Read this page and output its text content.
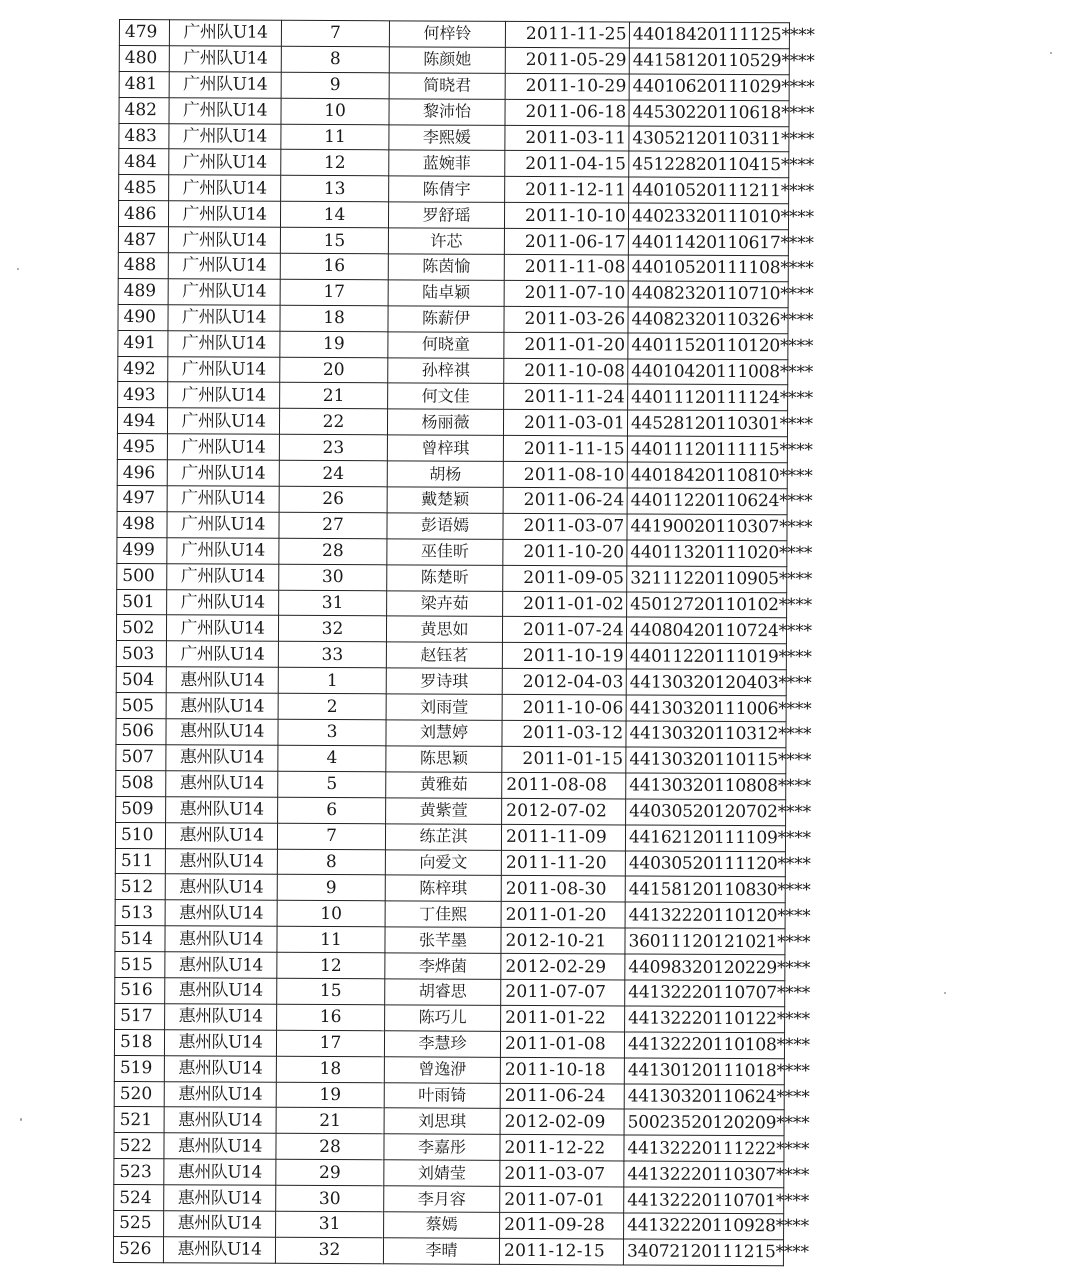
479	广州队U14	7	何梓铃	2011-11-25	44018420111125****
480	广州队U14	8	陈颜她	2011-05-29	44158120110529****
481	广州队U14	9	简晓君	2011-10-29	44010620111029****
482	广州队U14	10	黎沛怡	2011-06-18	44530220110618****
483	广州队U14	11	李熙媛	2011-03-11	43052120110311****
484	广州队U14	12	蓝婉菲	2011-04-15	45122820110415****
485	广州队U14	13	陈倩宇	2011-12-11	44010520111211****
486	广州队U14	14	罗舒瑶	2011-10-10	44023320111010****
487	广州队U14	15	许芯	2011-06-17	44011420110617****
488	广州队U14	16	陈茵愉	2011-11-08	44010520111108****
489	广州队U14	17	陆卓颖	2011-07-10	44082320110710****
490	广州队U14	18	陈薪伊	2011-03-26	44082320110326****
491	广州队U14	19	何晓童	2011-01-20	44011520110120****
492	广州队U14	20	孙梓祺	2011-10-08	44010420111008****
493	广州队U14	21	何文佳	2011-11-24	44011120111124****
494	广州队U14	22	杨丽薇	2011-03-01	44528120110301****
495	广州队U14	23	曾梓琪	2011-11-15	44011120111115****
496	广州队U14	24	胡杨	2011-08-10	44018420110810****
497	广州队U14	26	戴楚颖	2011-06-24	44011220110624****
498	广州队U14	27	彭语嫣	2011-03-07	44190020110307****
499	广州队U14	28	巫佳昕	2011-10-20	44011320111020****
500	广州队U14	30	陈楚昕	2011-09-05	32111220110905****
501	广州队U14	31	梁卉茹	2011-01-02	45012720110102****
502	广州队U14	32	黄思如	2011-07-24	44080420110724****
503	广州队U14	33	赵钰茗	2011-10-19	44011220111019****
504	惠州队U14	1	罗诗琪	2012-04-03	44130320120403****
505	惠州队U14	2	刘雨萱	2011-10-06	44130320111006****
506	惠州队U14	3	刘慧婷	2011-03-12	44130320110312****
507	惠州队U14	4	陈思颖	2011-01-15	44130320110115****
508	惠州队U14	5	黄雅茹	2011-08-08	44130320110808****
509	惠州队U14	6	黄紫萱	2012-07-02	44030520120702****
510	惠州队U14	7	练芷淇	2011-11-09	44162120111109****
511	惠州队U14	8	向爱文	2011-11-20	44030520111120****
512	惠州队U14	9	陈梓琪	2011-08-30	44158120110830****
513	惠州队U14	10	丁佳熙	2011-01-20	44132220110120****
514	惠州队U14	11	张芊墨	2012-10-21	36011120121021****
515	惠州队U14	12	李烨菌	2012-02-29	44098320120229****
516	惠州队U14	15	胡睿思	2011-07-07	44132220110707****
517	惠州队U14	16	陈巧儿	2011-01-22	44132220110122****
518	惠州队U14	17	李慧珍	2011-01-08	44132220110108****
519	惠州队U14	18	曾逸洢	2011-10-18	44130120111018****
520	惠州队U14	19	叶雨锜	2011-06-24	44130320110624****
521	惠州队U14	21	刘思琪	2012-02-09	50023520120209****
522	惠州队U14	28	李嘉彤	2011-12-22	44132220111222****
523	惠州队U14	29	刘婧莹	2011-03-07	44132220110307****
524	惠州队U14	30	李月容	2011-07-01	44132220110701****
525	惠州队U14	31	蔡嫣	2011-09-28	44132220110928****
526	惠州队U14	32	李晴	2011-12-15	34072120111215****
